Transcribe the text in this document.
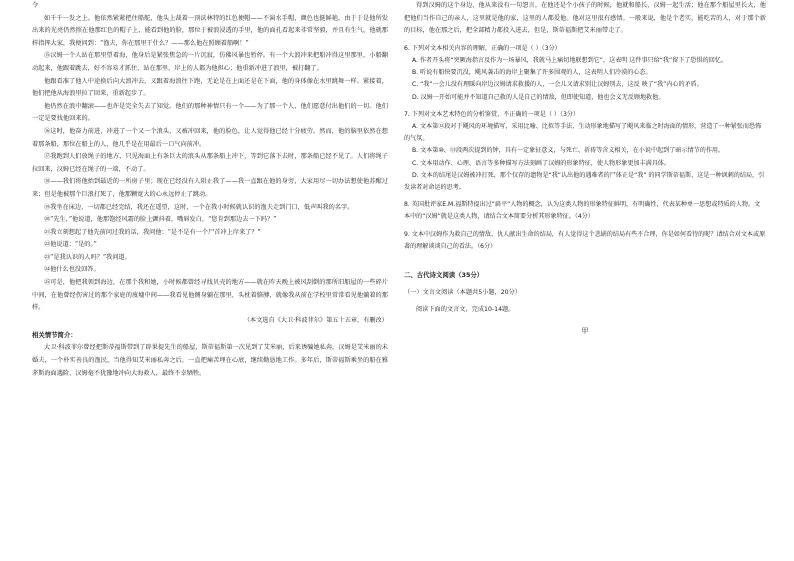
令

如千千一发之上。他依然紧紧把住船舵，他头上裁着一顶沃林特的红色便帽——不演水手帽，颜色也挺鲜艳，由于于是他所发出来的光亮仍然照在他那红色的帽子上，能看到他的脸，那位于被浪浸透的手里，他的面孔看起来非常坚毅，并且有生气。他就那样指挥大家，我便问到：“渔夫，你在那里干什么？——那么他在照顾着船啊！”

⑮汉姆一个人站在那里望着海，他身后是紧张焦急的一片沉寂，仿佛风暴也暂停。有一个大浪冲来把船冲得这里那里，小船翻动起来，他跟着跳去，好不容易才抓住，站在那里，岸上的人都为他担心；他重新冲进了浪里，被打翻了。

他跟看准了他人中途换后向大浪冲去，又跟着海浪往下跑，无论是在上面还是在下面，他的身体像在水里跳舞一样。紧接着，他们把他从海浪里拉了回来，重新起步了。

他仍然在浪中翻滚——也许是完全失去了知觉。他们的那种神情只有一个——为了那一个人，他们愿意付出他们的一切。他们一定是要找他回来的。

⑯这时，他奋力前进，冲进了一个又一个浪头，又被冲回来，他的脸色，让人觉得他已经十分疲劳。然而，他的脑里依然在想着那条船，那位在船上的人，他几乎是在用最后一口气向前冲。

⑰我跑到人们放绳子的地方，只见海面上有条巨大的浪头从那条船上冲下，等到它落下去时，那条船已经不见了。人们将绳子拉回来，汉姆已经在绳子的一端，不动了。

⑱——我们将他抬到最近的一所房子里；现在已经没有人阻止我了——我一直跟在他的身旁，大家用尽一切办法想使他苏醒过来；但是他被那个巨浪打死了，他那颗宽大的心永远停止了跳动。

⑲我坐在床边，一切都已经完结，我还在遥望，这时，一个在我小时候就认识的渔夫走到门口，低声叫我的名字。

⑳“先生，”他说道，他那饱经风霜的脸上颤抖着，嘴唇发白，“您肯到那边去一下吗？”

㉑我立刻想起了他先前问过我的话，我问他：“是不是有一个尸首冲上岸来了？”

㉒他说道：“是的。”

㉓“是我认识的人吗？”我问道。

㉔他什么也没回答。

㉕可是，他把我领到海边，在那个我和她，小时候都曾经寻找贝壳的地方——就在昨天晚上被风刮倒的那所旧船屋的一些碎片中间，在他曾经伤害过的那个家庭的废墟中间——我看见他侧身躺在那里，头枕着胳膊，就像我从前在学校里常常看见他躺着的那样。

（本文选自《大卫·科波菲尔》第五十五章，有删改）

相关情节简介：

大卫·科波菲尔曾经把斯蒂福斯带到了辟果提先生的船屋，斯蒂福斯第一次见到了艾米丽，后来诱骗她私奔。汉姆是艾米丽的未婚夫，一个朴实善良的渔民，当他得知艾米丽私奔之后，一直把痛苦埋在心底，继续勤恳地工作。多年后，斯蒂福斯乘坐的船在雅茅斯海面遇险，汉姆毫不犹豫地冲向大海救人，最终不幸牺牲。

得到汉姆的这个身边，他从来没有一句怨言。在他还是个小孩子的时候，他就和船长、汉姆一起生活；他在那个船屋里长大，他把他们当作自己的亲人，这里就是他的家，这里的人都爱他。他对这里很有感情。一般来说，他是个老实，能吃苦的人，对于那个新的目标，他在那之后，把全部精力都投入进去，但是，斯蒂福斯把艾米丽带走了。

6. 下列对文本相关内容的理解，正确的一项是（ ）（3分）

A. 作者开头将“突厥海指言及作为一场暴风，我就马上痛切地联想到它”，这表明 这件事只给“我”留下了恐惧的回忆。

B. 听说有船快要沉没，飓风袭击的海岸上聚集了许多围观的人，这表明人们冷漠的心态。

C. “我”一会儿没有理睬向岸边汉姆请求救援的人，一会儿又请求别让汉姆别去，这反 映了“我”内心的矛盾。

D. 汉姆一开始可能并不知道自己救的人是自己的情敌，但即使知道，他也会义无反顾地救他。

7. 下列对文本艺术特色的分析鉴赏，不正确的一项是（ ）（3分）

A. 文本第⑫段对于飓风的环境描写，采用比喻、比拟等手法，生动形象地描写了飓风来临之时海面的情形，营造了一种紧张而恐怖的气氛。

B. 文本第⑩、⑬段两次提到的钟，具有一定象征意义，与死亡、祈祷等含义相关，在小说中起到了暗示情节的作用。

C. 文本用动作、心理、语言等多种描写方法刻画了汉姆的形象特征，使人物形象更加丰满具体。

D. 文本的结尾是汉姆被冲打死，那个仅存的遗物是“我”认出他的遇难者的尸体正是“我” 的同学斯蒂福斯，这是一种讽刺的结局，引发读者对命运的思考。

8. 英国批评家E.M.福斯特提出过“扁平”人物的概念，认为这类人物的形象特征鲜明，有明确性，代表某种单一思想或特质的人物。文本中的“汉姆”就是这类人物，请结合文本简要分析其形象特征。（4分）

9. 文本中汉姆作为救自己的情敌、仇人献出生命的结局，有人觉得这个悲剧的结局有些不合理，你是如何看待的呢？请结合对文本或原著的理解谈谈自己的看法。（6分）

二、古代诗文阅读（35分）
（一）文言文阅读（本题共5小题，20分）
阅读下面的文言文，完成10-14题。
甲
